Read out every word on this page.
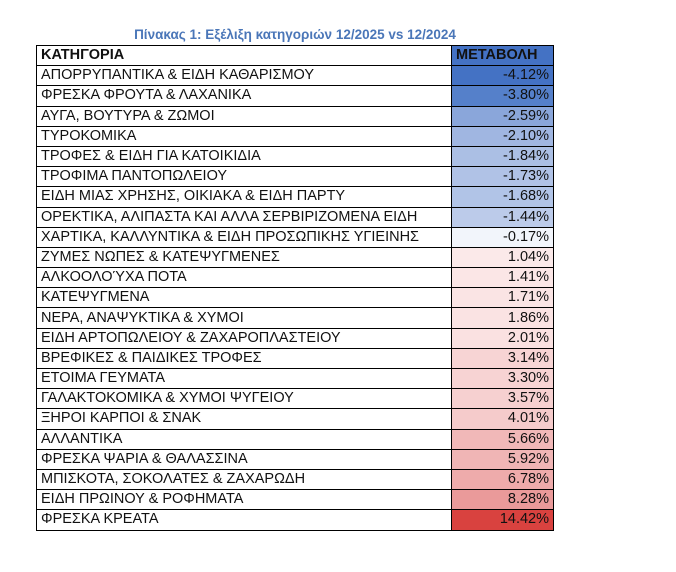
Πίνακας 1: Εξέλιξη κατηγοριών 12/2025 vs 12/2024
ΚΑΤΗΓΟΡΙΑ	ΜΕΤΑΒΟΛΗ
ΑΠΟΡΡΥΠΑΝΤΙΚΑ & ΕΙΔΗ ΚΑΘΑΡΙΣΜΟΥ	-4.12%
ΦΡΕΣΚΑ ΦΡΟΥΤΑ & ΛΑΧΑΝΙΚΑ	-3.80%
ΑΥΓΑ, ΒΟΥΤΥΡΑ & ΖΩΜΟΙ	-2.59%
ΤΥΡΟΚΟΜΙΚΑ	-2.10%
ΤΡΟΦΕΣ & ΕΙΔΗ ΓΙΑ ΚΑΤΟΙΚΙΔΙΑ	-1.84%
ΤΡΟΦΙΜΑ ΠΑΝΤΟΠΩΛΕΙΟΥ	-1.73%
ΕΙΔΗ ΜΙΑΣ ΧΡΗΣΗΣ, ΟΙΚΙΑΚΑ & ΕΙΔΗ ΠΑΡΤΥ	-1.68%
ΟΡΕΚΤΙΚΑ, ΑΛΙΠΑΣΤΑ ΚΑΙ ΑΛΛΑ ΣΕΡΒΙΡΙΖΟΜΕΝΑ ΕΙΔΗ	-1.44%
ΧΑΡΤΙΚΑ, ΚΑΛΛΥΝΤΙΚΑ & ΕΙΔΗ ΠΡΟΣΩΠΙΚΗΣ ΥΓΙΕΙΝΗΣ	-0.17%
ΖΥΜΕΣ ΝΩΠΕΣ & ΚΑΤΕΨΥΓΜΕΝΕΣ	1.04%
ΑΛΚΟΟΛΟΎΧΑ ΠΟΤΑ	1.41%
ΚΑΤΕΨΥΓΜΕΝΑ	1.71%
ΝΕΡΑ, ΑΝΑΨΥΚΤΙΚΑ & ΧΥΜΟΙ	1.86%
ΕΙΔΗ ΑΡΤΟΠΩΛΕΙΟΥ & ΖΑΧΑΡΟΠΛΑΣΤΕΙΟΥ	2.01%
ΒΡΕΦΙΚΕΣ & ΠΑΙΔΙΚΕΣ ΤΡΟΦΕΣ	3.14%
ΕΤΟΙΜΑ ΓΕΥΜΑΤΑ	3.30%
ΓΑΛΑΚΤΟΚΟΜΙΚΑ & ΧΥΜΟΙ ΨΥΓΕΙΟΥ	3.57%
ΞΗΡΟΙ ΚΑΡΠΟΙ & ΣΝΑΚ	4.01%
ΑΛΛΑΝΤΙΚΑ	5.66%
ΦΡΕΣΚΑ ΨΑΡΙΑ & ΘΑΛΑΣΣΙΝΑ	5.92%
ΜΠΙΣΚΟΤΑ, ΣΟΚΟΛΑΤΕΣ & ΖΑΧΑΡΩΔΗ	6.78%
ΕΙΔΗ ΠΡΩΙΝΟΥ & ΡΟΦΗΜΑΤΑ	8.28%
ΦΡΕΣΚΑ ΚΡΕΑΤΑ	14.42%
